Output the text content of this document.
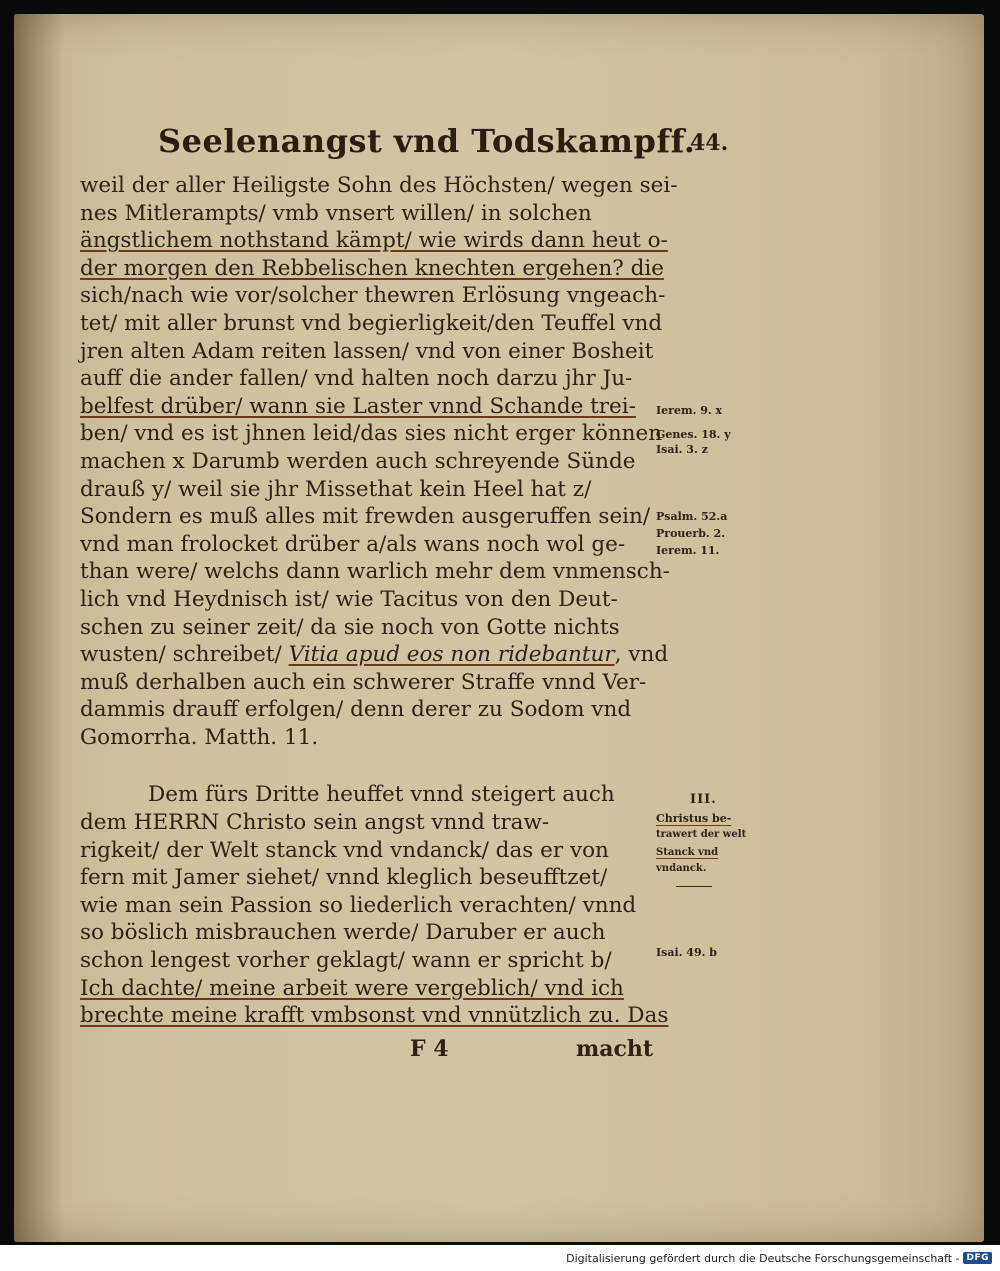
Seelenangst vnd Todskampff.
44.
weil der aller Heiligste Sohn des Höchsten/ wegen sei-
nes Mitlerampts/ vmb vnsert willen/ in solchen
ängstlichem nothstand kämpt/ wie wirds dann heut o-
der morgen den Rebbelischen knechten ergehen? die
sich/nach wie vor/solcher thewren Erlösung vngeach-
tet/ mit aller brunst vnd begierligkeit/den Teuffel vnd
jren alten Adam reiten lassen/ vnd von einer Bosheit
auff die ander fallen/ vnd halten noch darzu jhr Ju-
belfest drüber/ wann sie Laster vnnd Schande trei-
ben/ vnd es ist jhnen leid/das sies nicht erger können
machen x Darumb werden auch schreyende Sünde
drauß y/ weil sie jhr Missethat kein Heel hat z/
Sondern es muß alles mit frewden ausgeruffen sein/
vnd man frolocket drüber a/als wans noch wol ge-
than were/ welchs dann warlich mehr dem vnmensch-
lich vnd Heydnisch ist/ wie Tacitus von den Deut-
schen zu seiner zeit/ da sie noch von Gotte nichts
wusten/ schreibet/ Vitia apud eos non ridebantur, vnd
muß derhalben auch ein schwerer Straffe vnnd Ver-
dammis drauff erfolgen/ denn derer zu Sodom vnd
Gomorrha. Matth. 11.
Dem fürs Dritte heuffet vnnd steigert auch
dem HERRN Christo sein angst vnnd traw-
rigkeit/ der Welt stanck vnd vndanck/ das er von
fern mit Jamer siehet/ vnnd kleglich beseufftzet/
wie man sein Passion so liederlich verachten/ vnnd
so böslich misbrauchen werde/ Daruber er auch
schon lengest vorher geklagt/ wann er spricht b/
Ich dachte/ meine arbeit were vergeblich/ vnd ich
brechte meine krafft vmbsonst vnd vnnützlich zu. Das
F 4	macht
Ierem. 9. x
Genes. 18. y
Isai. 3. z
Psalm. 52.a
Prouerb. 2.
Ierem. 11.
III.
Christus be-
trawert der welt
Stanck vnd
vndanck.
Isai. 49. b
Digitalisierung gefördert durch die Deutsche Forschungsgemeinschaft - DFG
